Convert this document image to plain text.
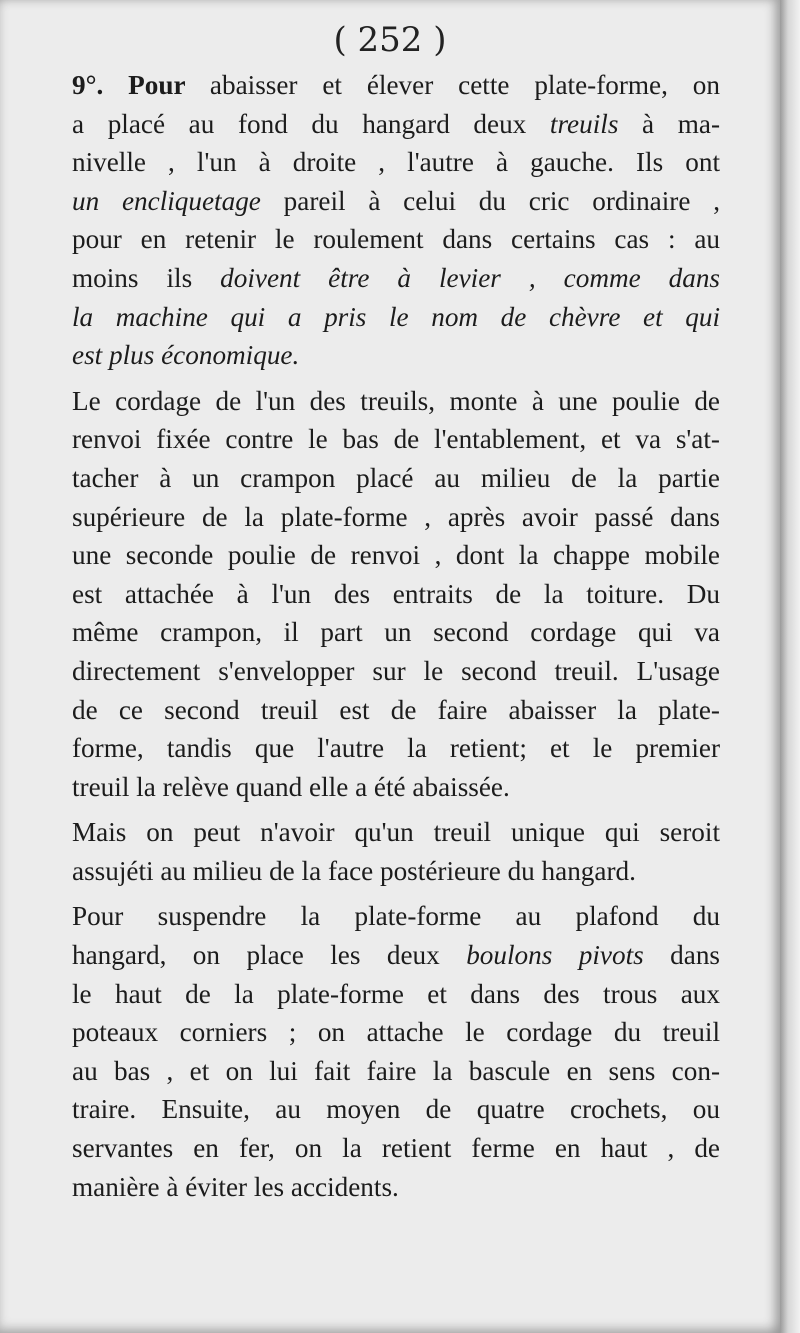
( 252 )

9°. Pour abaisser et élever cette plate-forme, on
a placé au fond du hangard deux treuils à ma-
nivelle , l'un à droite , l'autre à gauche. Ils ont
un encliquetage pareil à celui du cric ordinaire ,
pour en retenir le roulement dans certains cas : au
moins ils doivent être à levier , comme dans
la machine qui a pris le nom de chèvre et qui
est plus économique.

Le cordage de l'un des treuils, monte à une poulie de
renvoi fixée contre le bas de l'entablement, et va s'at-
tacher à un crampon placé au milieu de la partie
supérieure de la plate-forme , après avoir passé dans
une seconde poulie de renvoi , dont la chappe mobile
est attachée à l'un des entraits de la toiture. Du
même crampon, il part un second cordage qui va
directement s'envelopper sur le second treuil. L'usage
de ce second treuil est de faire abaisser la plate-
forme, tandis que l'autre la retient; et le premier
treuil la relève quand elle a été abaissée.

Mais on peut n'avoir qu'un treuil unique qui seroit
assujéti au milieu de la face postérieure du hangard.

Pour suspendre la plate-forme au plafond du
hangard, on place les deux boulons pivots dans
le haut de la plate-forme et dans des trous aux
poteaux corniers ; on attache le cordage du treuil
au bas , et on lui fait faire la bascule en sens con-
traire. Ensuite, au moyen de quatre crochets, ou
servantes en fer, on la retient ferme en haut , de
manière à éviter les accidents.
